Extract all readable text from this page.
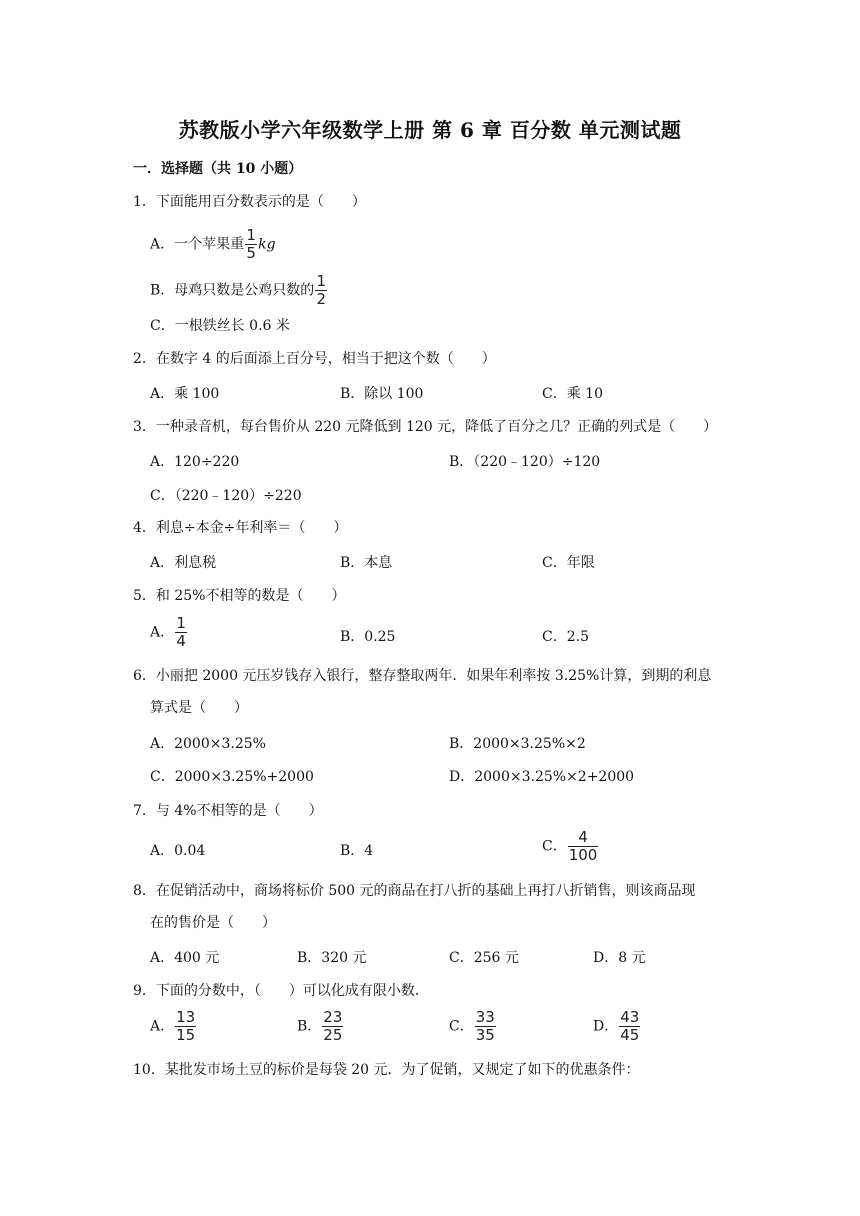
苏教版小学六年级数学上册 第 6 章 百分数 单元测试题
一．选择题（共 10 小题）
1．下面能用百分数表示的是（　　）
A．一个苹果重 $\frac{1}{5}$ kg
B．母鸡只数是公鸡只数的 $\frac{1}{2}$
C．一根铁丝长 0.6 米
2．在数字 4 的后面添上百分号，相当于把这个数（　　）
A．乘 100	B．除以 100	C．乘 10
3．一种录音机，每台售价从 220 元降低到 120 元，降低了百分之几？正确的列式是（　　）
A．120÷220	B．（220﹣120）÷120
C．（220﹣120）÷220
4．利息÷本金÷年利率＝（　　）
A．利息税	B．本息	C．年限
5．和 25%不相等的数是（　　）
A． $\frac{1}{4}$	B．0.25	C．2.5
6．小丽把 2000 元压岁钱存入银行，整存整取两年．如果年利率按 3.25%计算，到期的利息
算式是（　　）
A．2000×3.25%	B．2000×3.25%×2
C．2000×3.25%+2000	D．2000×3.25%×2+2000
7．与 4%不相等的是（　　）
A．0.04	B．4	C． $\frac{4}{100}$
8．在促销活动中，商场将标价 500 元的商品在打八折的基础上再打八折销售，则该商品现
在的售价是（　　）
A．400 元	B．320 元	C．256 元	D．8 元
9．下面的分数中，（　　）可以化成有限小数．
A． $\frac{13}{15}$	B． $\frac{23}{25}$	C． $\frac{33}{35}$	D． $\frac{43}{45}$
10．某批发市场土豆的标价是每袋 20 元．为了促销，又规定了如下的优惠条件：
